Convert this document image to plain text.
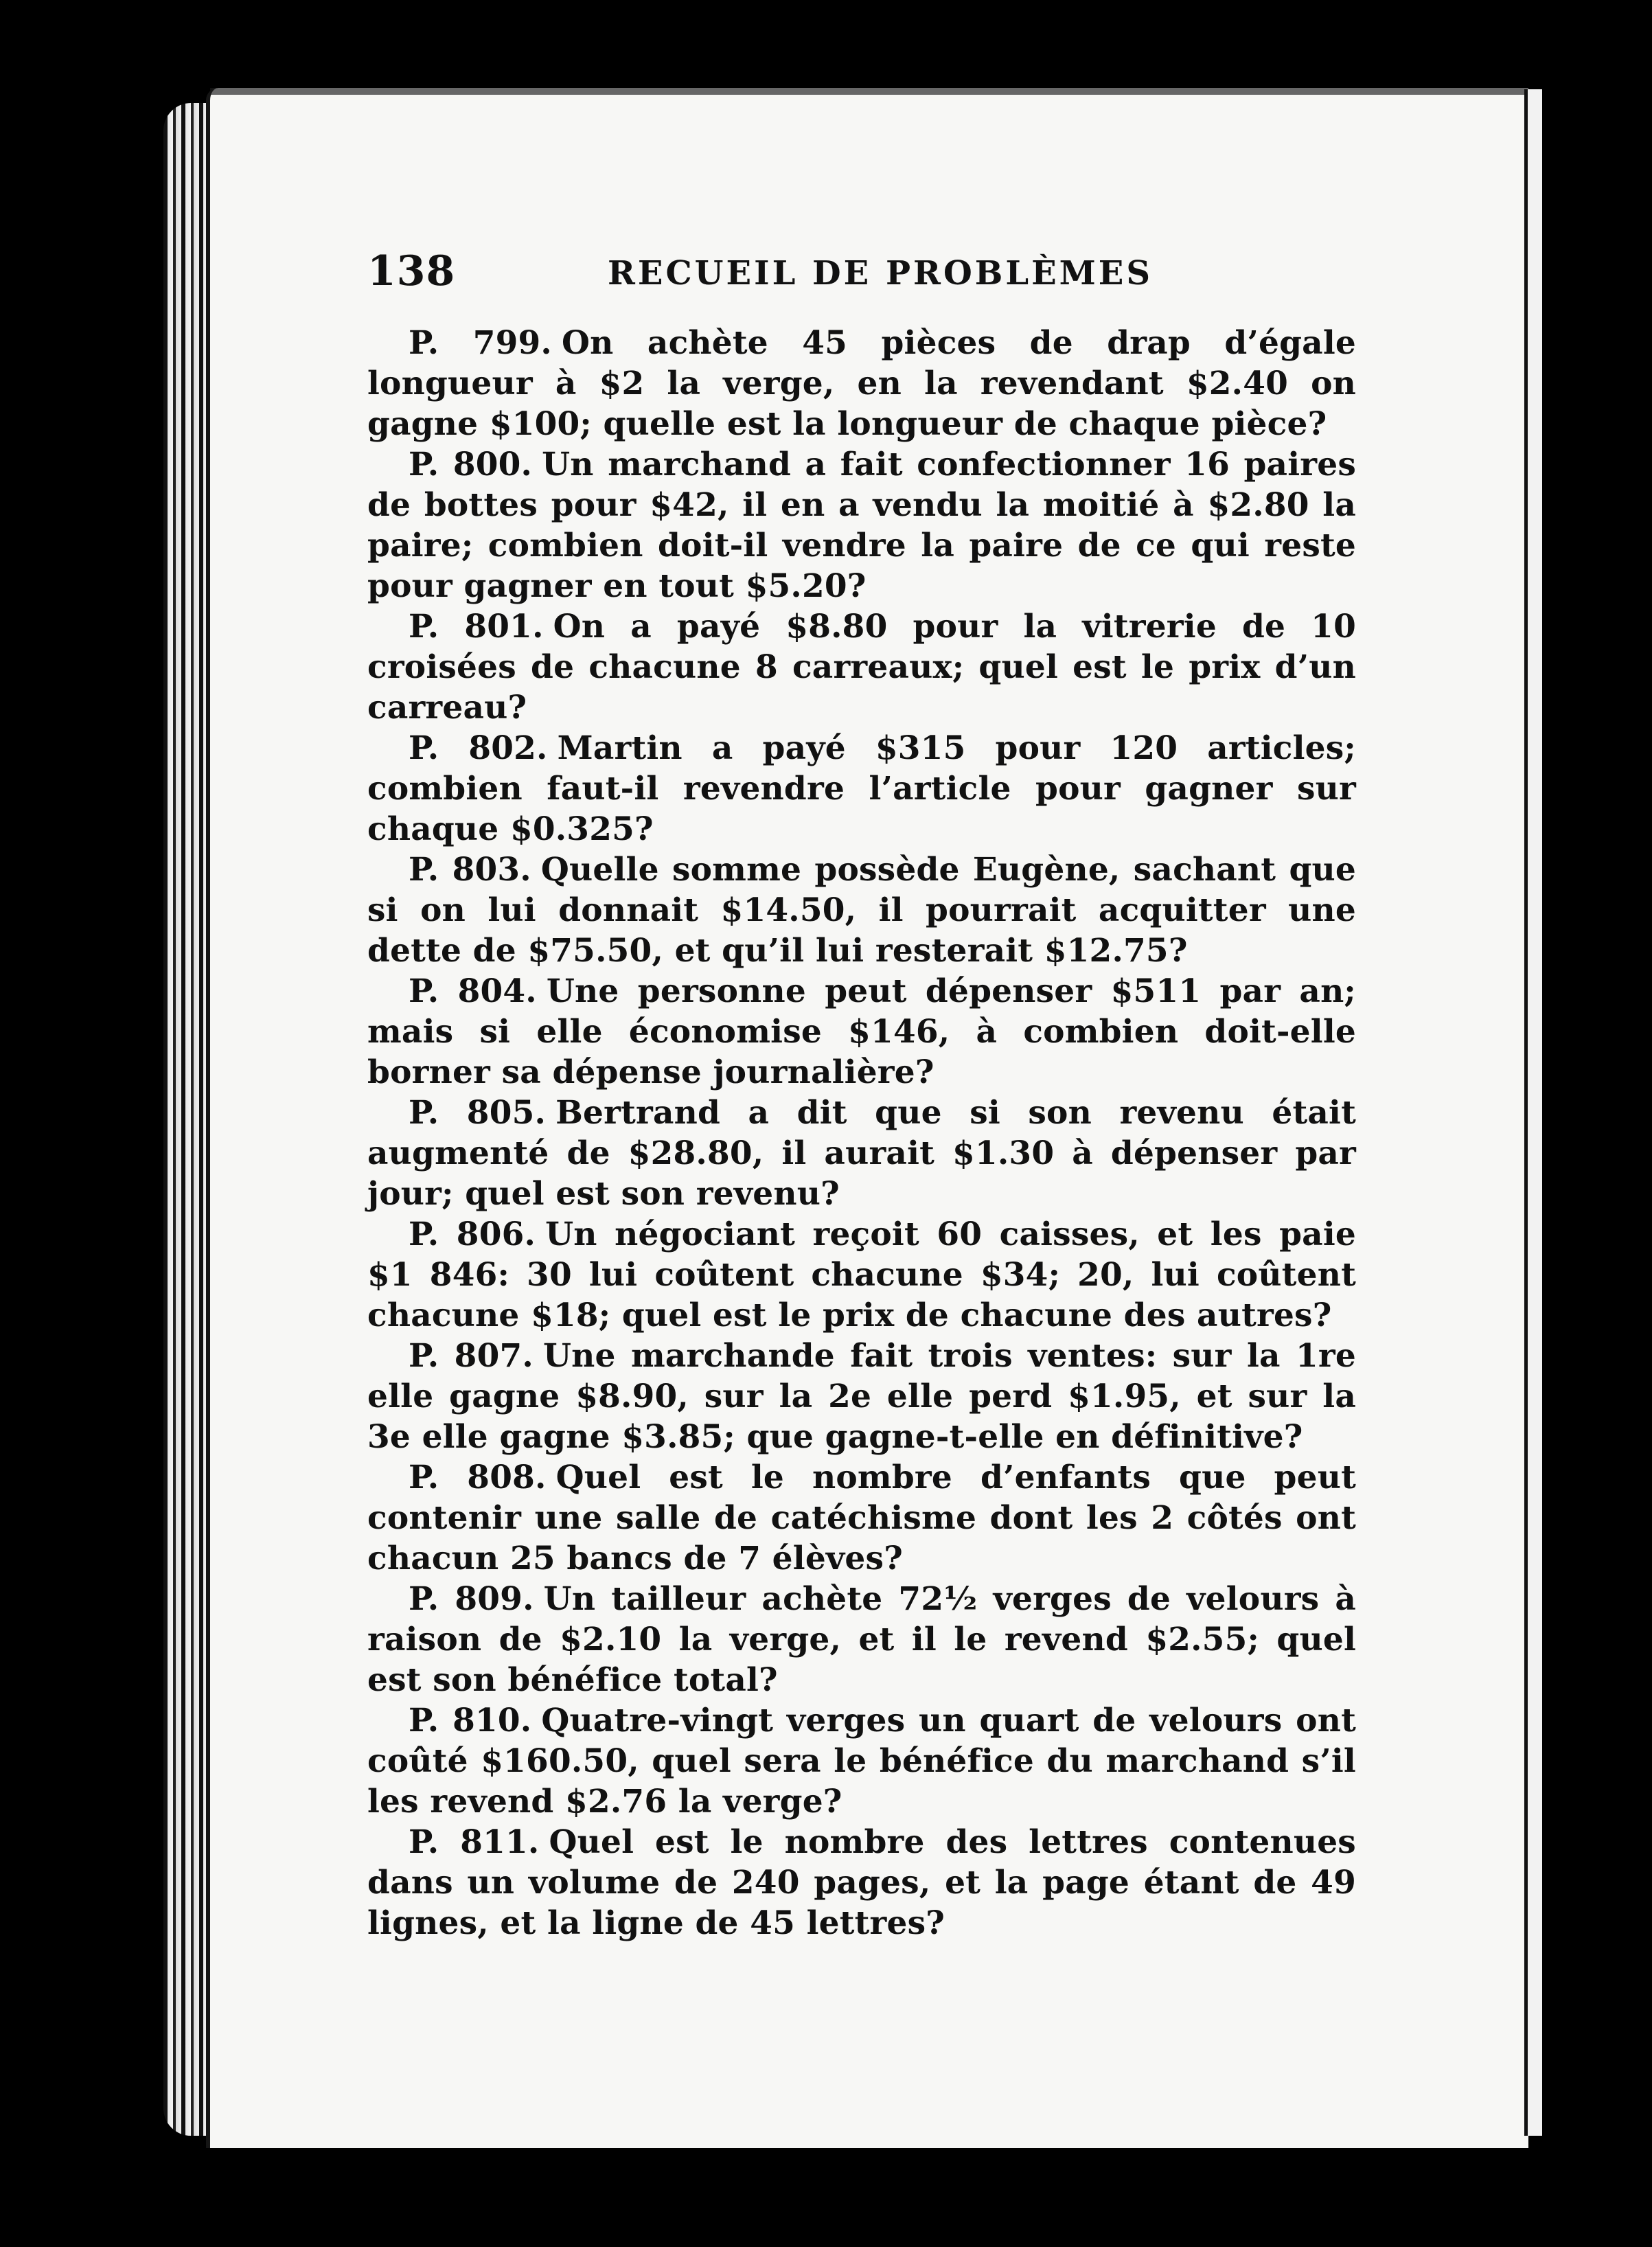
138	RECUEIL DE PROBLÈMES

P. 799. On achète 45 pièces de drap d’égale longueur à $2 la verge, en la revendant $2.40 on gagne $100; quelle est la longueur de chaque pièce?

P. 800. Un marchand a fait confectionner 16 paires de bottes pour $42, il en a vendu la moitié à $2.80 la paire; combien doit-il vendre la paire de ce qui reste pour gagner en tout $5.20?

P. 801. On a payé $8.80 pour la vitrerie de 10 croisées de chacune 8 carreaux; quel est le prix d’un carreau?

P. 802. Martin a payé $315 pour 120 articles; combien faut-il revendre l’article pour gagner sur chaque $0.325?

P. 803. Quelle somme possède Eugène, sachant que si on lui donnait $14.50, il pourrait acquitter une dette de $75.50, et qu’il lui resterait $12.75?

P. 804. Une personne peut dépenser $511 par an; mais si elle économise $146, à combien doit-elle borner sa dépense journalière?

P. 805. Bertrand a dit que si son revenu était augmenté de $28.80, il aurait $1.30 à dépenser par jour; quel est son revenu?

P. 806. Un négociant reçoit 60 caisses, et les paie $1 846: 30 lui coûtent chacune $34; 20, lui coûtent chacune $18; quel est le prix de chacune des autres?

P. 807. Une marchande fait trois ventes: sur la 1re elle gagne $8.90, sur la 2e elle perd $1.95, et sur la 3e elle gagne $3.85; que gagne-t-elle en définitive?

P. 808. Quel est le nombre d’enfants que peut contenir une salle de catéchisme dont les 2 côtés ont chacun 25 bancs de 7 élèves?

P. 809. Un tailleur achète 72½ verges de velours à raison de $2.10 la verge, et il le revend $2.55; quel est son bénéfice total?

P. 810. Quatre-vingt verges un quart de velours ont coûté $160.50, quel sera le bénéfice du marchand s’il les revend $2.76 la verge?

P. 811. Quel est le nombre des lettres contenues dans un volume de 240 pages, et la page étant de 49 lignes, et la ligne de 45 lettres?
